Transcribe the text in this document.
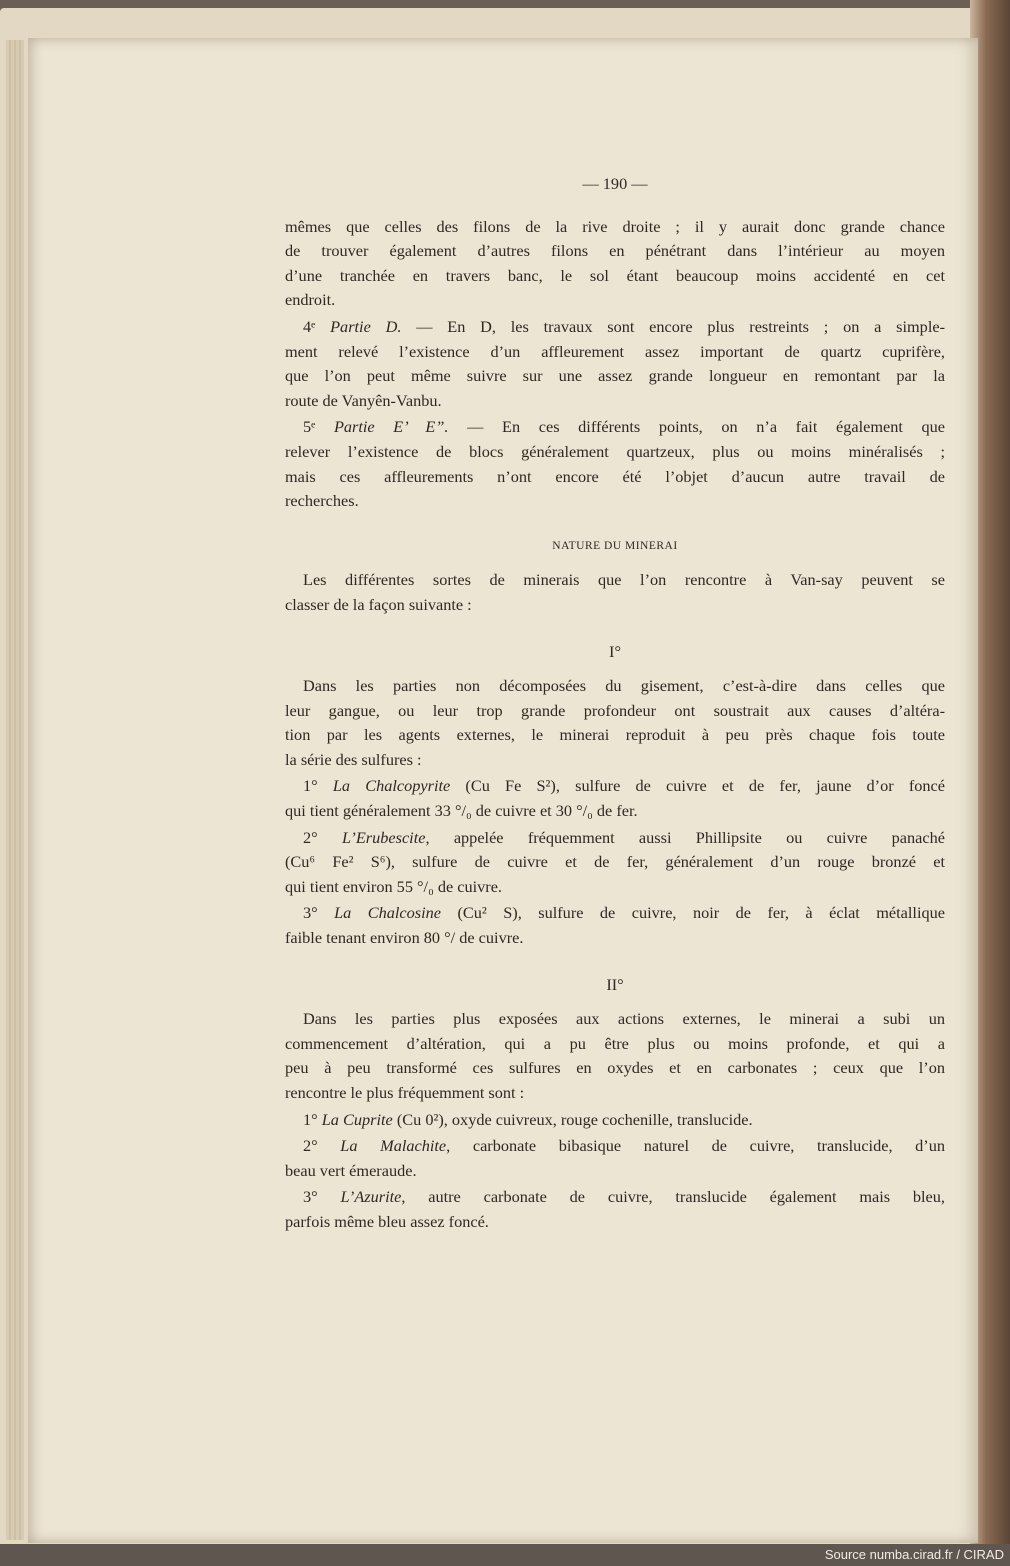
— 190 —
mêmes que celles des filons de la rive droite ; il y aurait donc grande chance
de trouver également d’autres filons en pénétrant dans l’intérieur au moyen
d’une tranchée en travers banc, le sol étant beaucoup moins accidenté en cet
endroit.
4ᵉ Partie D. — En D, les travaux sont encore plus restreints ; on a simple-
ment relevé l’existence d’un affleurement assez important de quartz cuprifère,
que l’on peut même suivre sur une assez grande longueur en remontant par la
route de Vanyên-Vanbu.
5ᵉ Partie E’ E”. — En ces différents points, on n’a fait également que
relever l’existence de blocs généralement quartzeux, plus ou moins minéralisés ;
mais ces affleurements n’ont encore été l’objet d’aucun autre travail de
recherches.
NATURE DU MINERAI
Les différentes sortes de minerais que l’on rencontre à Van-say peuvent se
classer de la façon suivante :
I°
Dans les parties non décomposées du gisement, c’est-à-dire dans celles que
leur gangue, ou leur trop grande profondeur ont soustrait aux causes d’altéra-
tion par les agents externes, le minerai reproduit à peu près chaque fois toute
la série des sulfures :
1° La Chalcopyrite (Cu Fe S²), sulfure de cuivre et de fer, jaune d’or foncé
qui tient généralement 33 °/₀ de cuivre et 30 °/₀ de fer.
2° L’Erubescite, appelée fréquemment aussi Phillipsite ou cuivre panaché
(Cu⁶ Fe² S⁶), sulfure de cuivre et de fer, généralement d’un rouge bronzé et
qui tient environ 55 °/₀ de cuivre.
3° La Chalcosine (Cu² S), sulfure de cuivre, noir de fer, à éclat métallique
faible tenant environ 80 °/ de cuivre.
II°
Dans les parties plus exposées aux actions externes, le minerai a subi un
commencement d’altération, qui a pu être plus ou moins profonde, et qui a
peu à peu transformé ces sulfures en oxydes et en carbonates ; ceux que l’on
rencontre le plus fréquemment sont :
1° La Cuprite (Cu 0²), oxyde cuivreux, rouge cochenille, translucide.
2° La Malachite, carbonate bibasique naturel de cuivre, translucide, d’un
beau vert émeraude.
3° L’Azurite, autre carbonate de cuivre, translucide également mais bleu,
parfois même bleu assez foncé.
Source numba.cirad.fr / CIRAD
